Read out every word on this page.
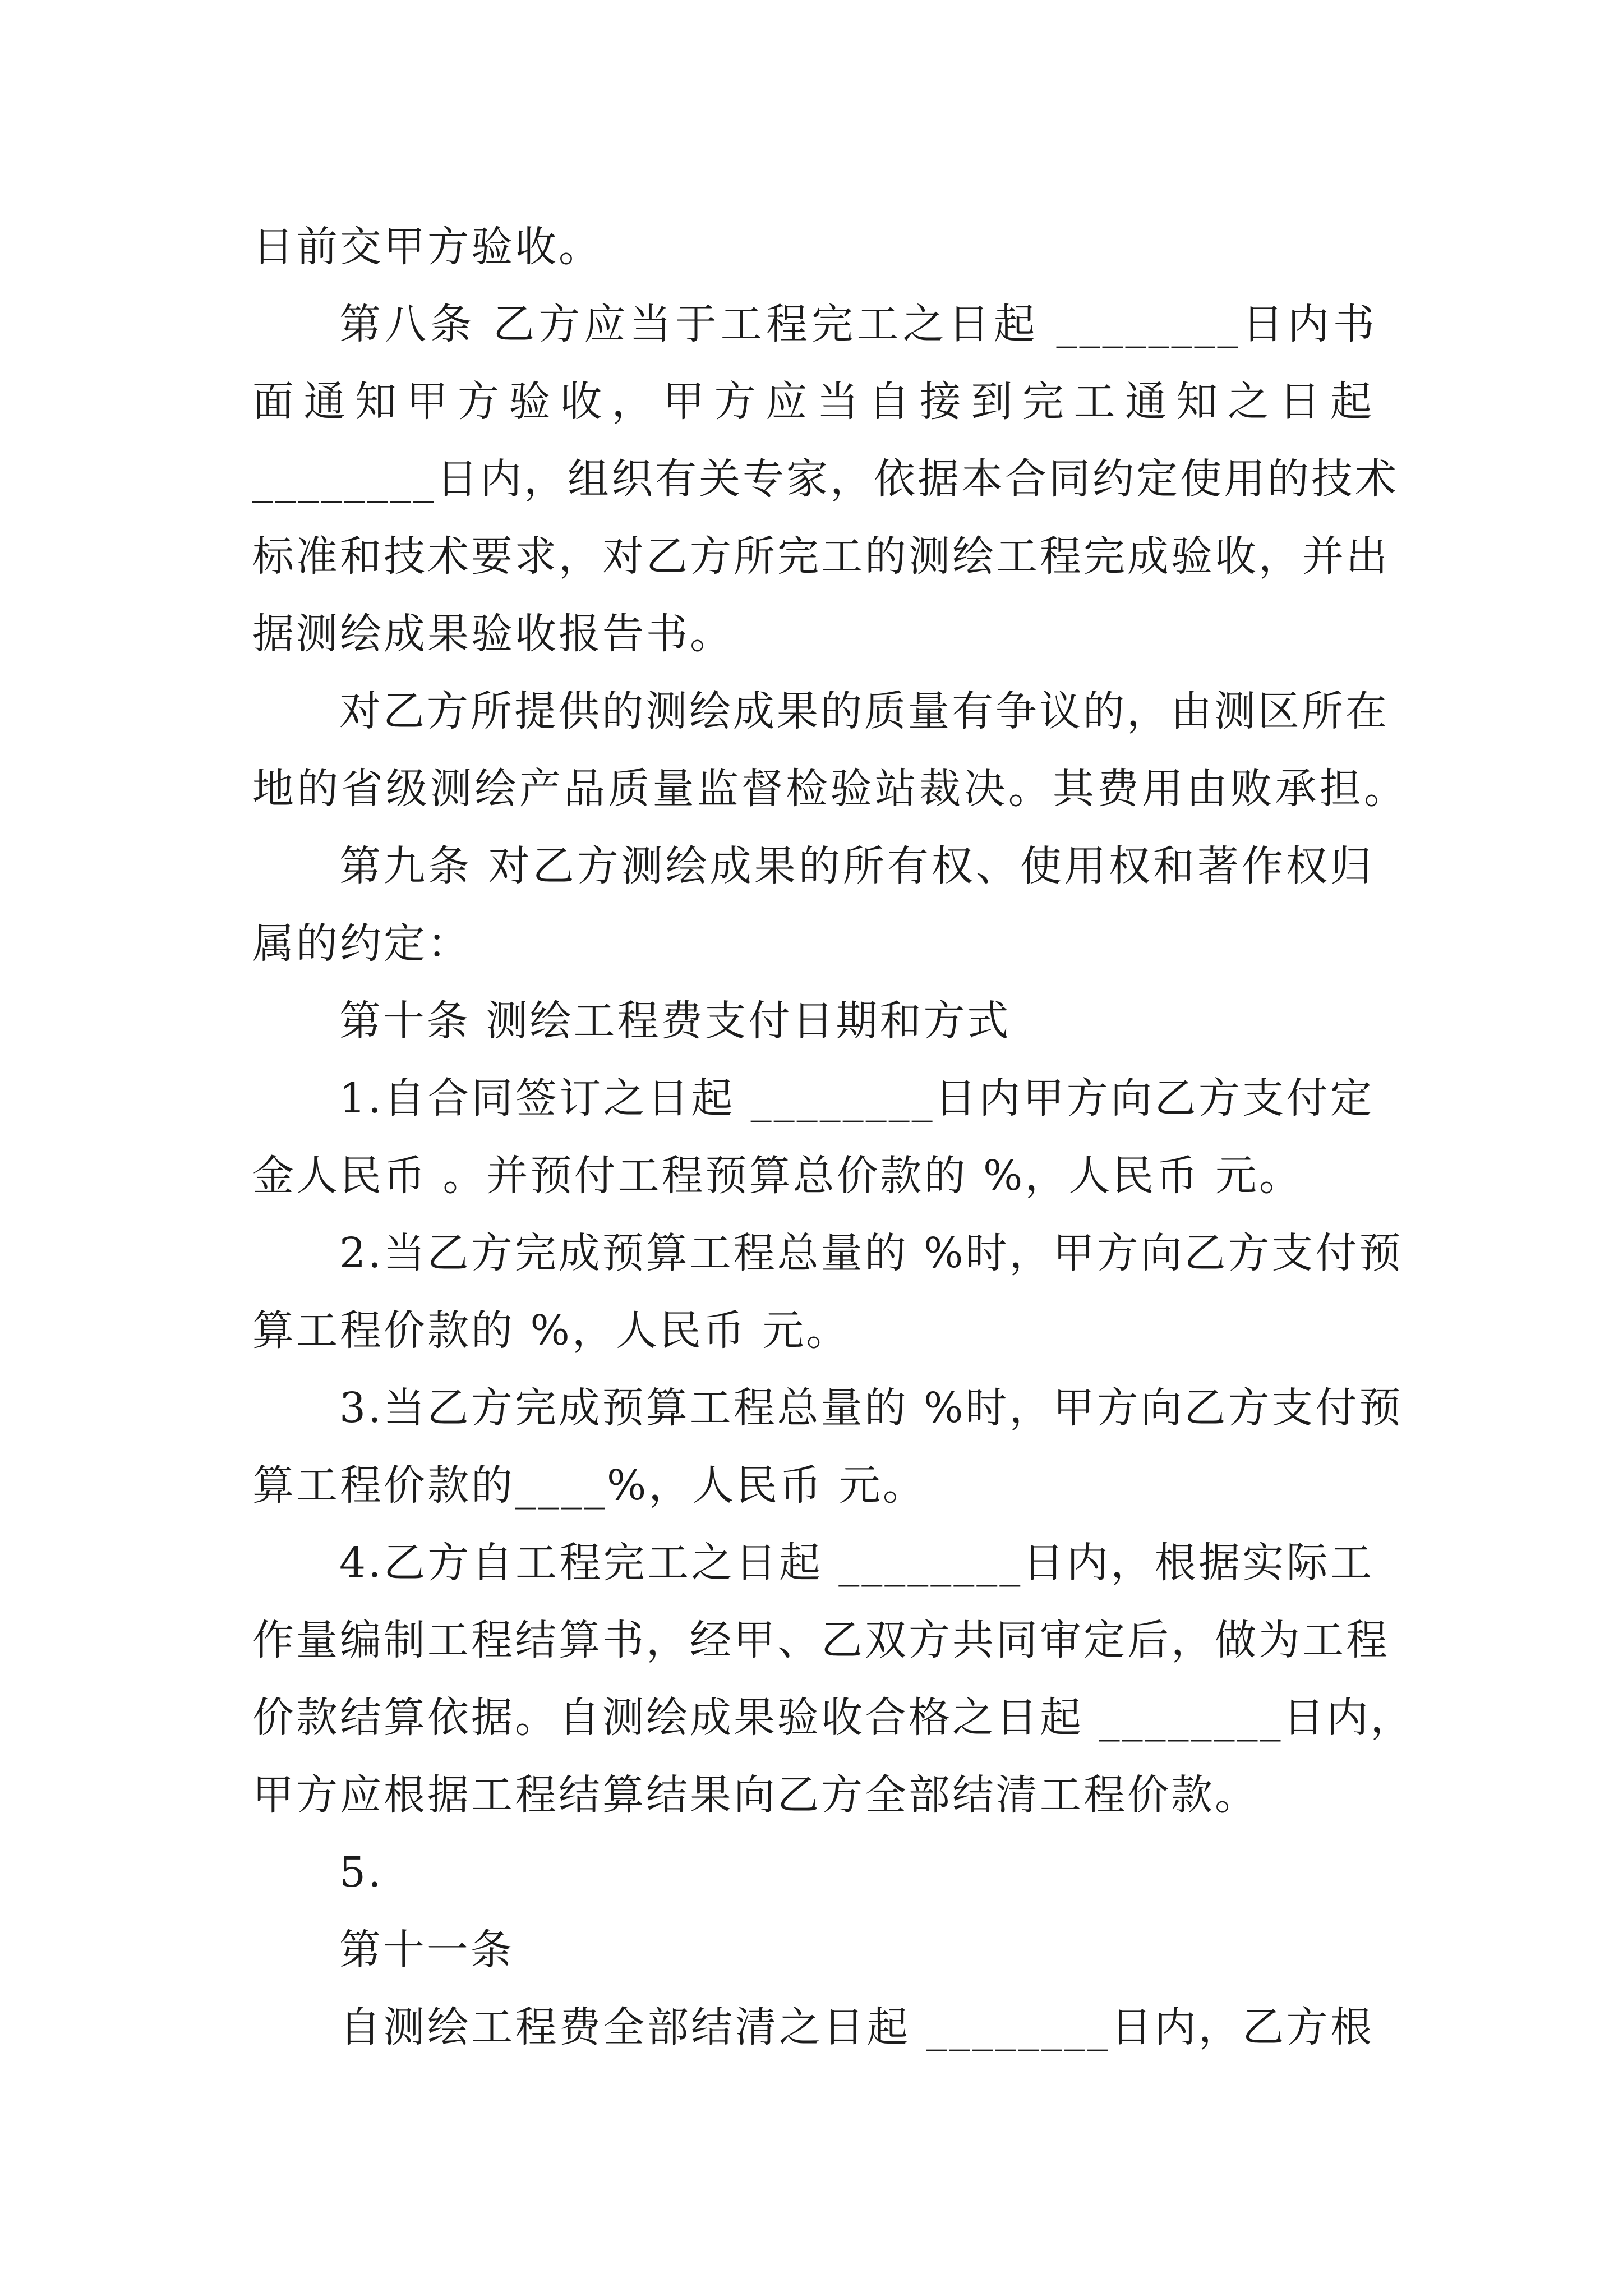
日前交甲方验收。
第八条 乙方应当于工程完工之日起 ________日内书
面通知甲方验收，甲方应当自接到完工通知之日起
________日内，组织有关专家，依据本合同约定使用的技术
标准和技术要求，对乙方所完工的测绘工程完成验收，并出
据测绘成果验收报告书。
对乙方所提供的测绘成果的质量有争议的，由测区所在
地的省级测绘产品质量监督检验站裁决。其费用由败承担。
第九条 对乙方测绘成果的所有权、使用权和著作权归
属的约定：
第十条 测绘工程费支付日期和方式
1.自合同签订之日起 ________日内甲方向乙方支付定
金人民币 。并预付工程预算总价款的 %，人民币 元。
2.当乙方完成预算工程总量的 %时，甲方向乙方支付预
算工程价款的 %，人民币 元。
3.当乙方完成预算工程总量的 %时，甲方向乙方支付预
算工程价款的____%，人民币 元。
4.乙方自工程完工之日起 ________日内，根据实际工
作量编制工程结算书，经甲、乙双方共同审定后，做为工程
价款结算依据。自测绘成果验收合格之日起 ________日内，
甲方应根据工程结算结果向乙方全部结清工程价款。
5.
第十一条
自测绘工程费全部结清之日起 ________日内，乙方根
